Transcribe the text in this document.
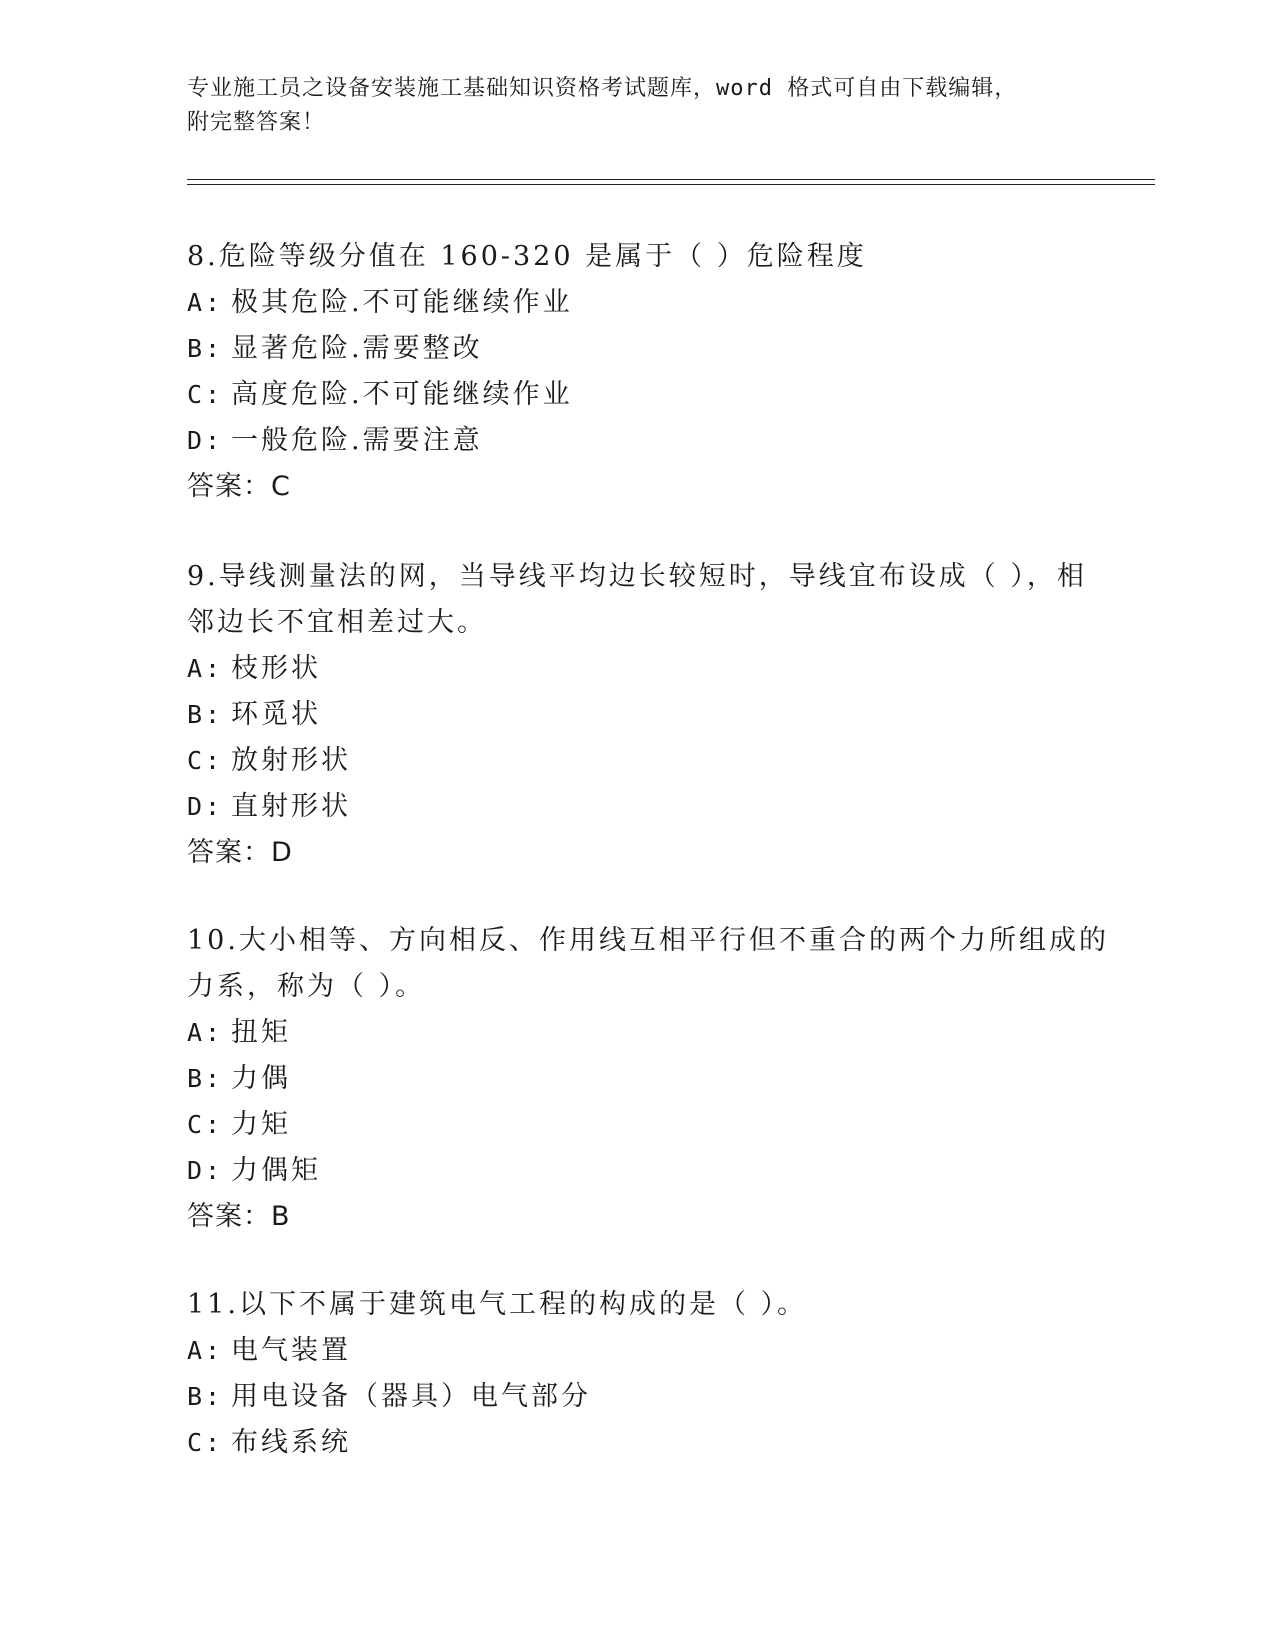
专业施工员之设备安装施工基础知识资格考试题库，word 格式可自由下载编辑，
附完整答案！
8.危险等级分值在 160-320 是属于（ ）危险程度
A: 极其危险.不可能继续作业
B: 显著危险.需要整改
C: 高度危险.不可能继续作业
D: 一般危险.需要注意
答案：C
9.导线测量法的网，当导线平均边长较短时，导线宜布设成（ ），相
邻边长不宜相差过大。
A: 枝形状
B: 环觅状
C: 放射形状
D: 直射形状
答案：D
10.大小相等、方向相反、作用线互相平行但不重合的两个力所组成的
力系，称为（ ）。
A: 扭矩
B: 力偶
C: 力矩
D: 力偶矩
答案：B
11.以下不属于建筑电气工程的构成的是（ ）。
A: 电气装置
B: 用电设备（器具）电气部分
C: 布线系统
